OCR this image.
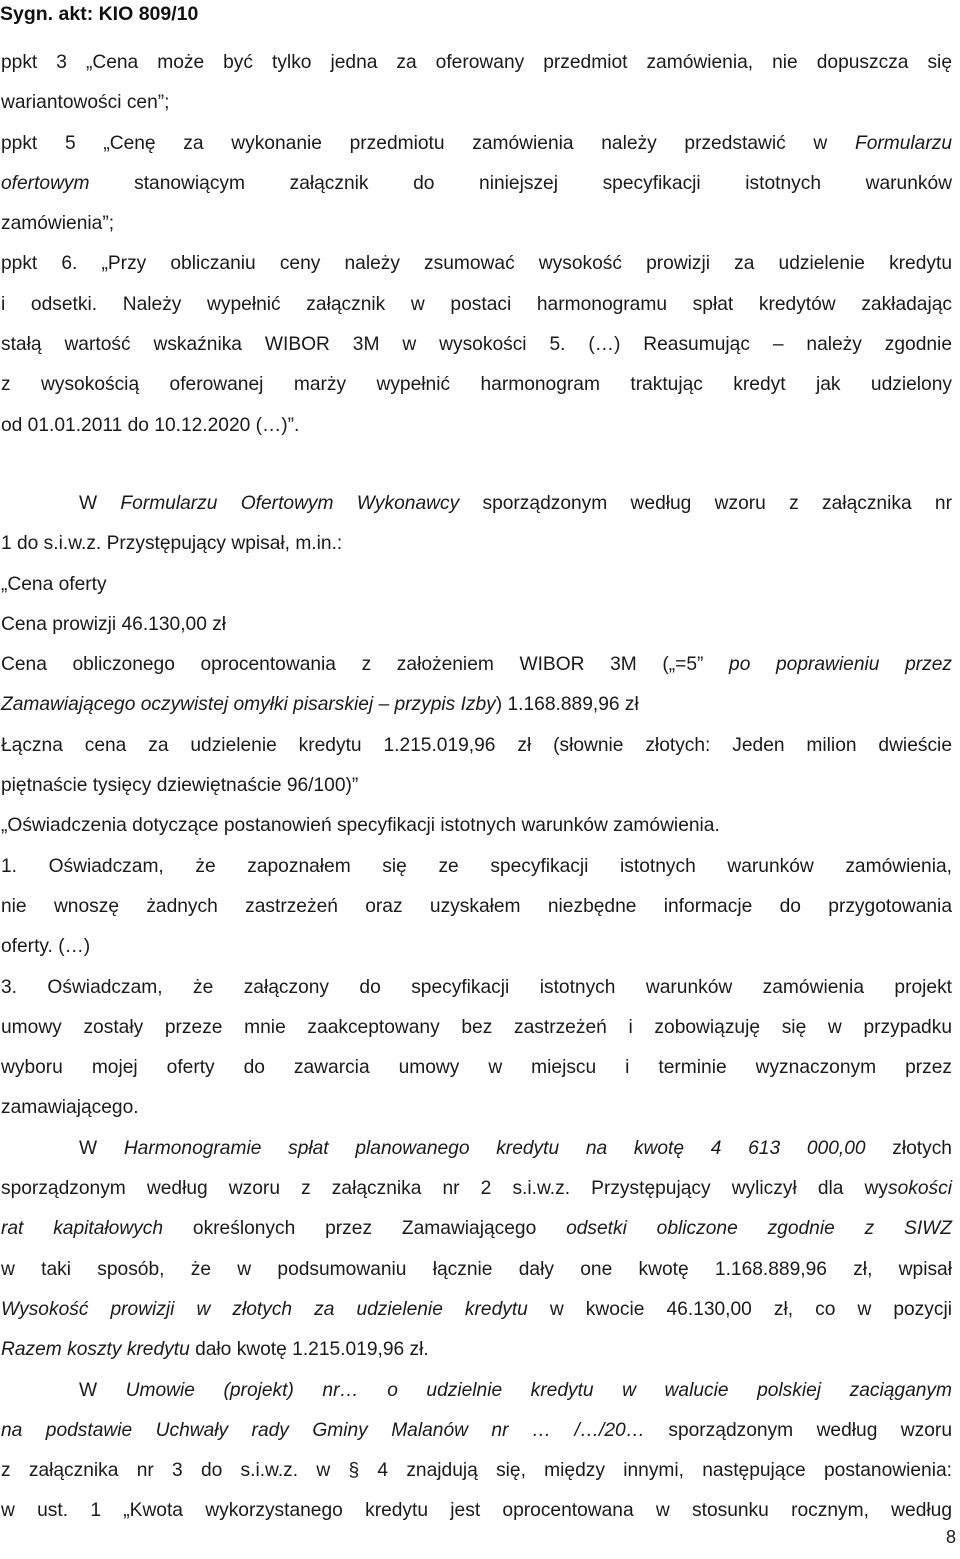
Sygn. akt: KIO 809/10
ppkt 3 „Cena może być tylko jedna za oferowany przedmiot zamówienia, nie dopuszcza się
wariantowości cen”;
ppkt 5 „Cenę za wykonanie przedmiotu zamówienia należy przedstawić w Formularzu
ofertowym stanowiącym załącznik do niniejszej specyfikacji istotnych warunków
zamówienia”;
ppkt 6. „Przy obliczaniu ceny należy zsumować wysokość prowizji za udzielenie kredytu
i odsetki. Należy wypełnić załącznik w postaci harmonogramu spłat kredytów zakładając
stałą wartość wskaźnika WIBOR 3M w wysokości 5. (…) Reasumując – należy zgodnie
z wysokością oferowanej marży wypełnić harmonogram traktując kredyt jak udzielony
od 01.01.2011 do 10.12.2020 (…)”.
W Formularzu Ofertowym Wykonawcy sporządzonym według wzoru z załącznika nr
1 do s.i.w.z. Przystępujący wpisał, m.in.:
„Cena oferty
Cena prowizji 46.130,00 zł
Cena obliczonego oprocentowania z założeniem WIBOR 3M („=5” po poprawieniu przez
Zamawiającego oczywistej omyłki pisarskiej – przypis Izby) 1.168.889,96 zł
Łączna cena za udzielenie kredytu 1.215.019,96 zł (słownie złotych: Jeden milion dwieście
piętnaście tysięcy dziewiętnaście 96/100)”
„Oświadczenia dotyczące postanowień specyfikacji istotnych warunków zamówienia.
1. Oświadczam, że zapoznałem się ze specyfikacji istotnych warunków zamówienia,
nie wnoszę żadnych zastrzeżeń oraz uzyskałem niezbędne informacje do przygotowania
oferty. (…)
3. Oświadczam, że załączony do specyfikacji istotnych warunków zamówienia projekt
umowy zostały przeze mnie zaakceptowany bez zastrzeżeń i zobowiązuję się w przypadku
wyboru mojej oferty do zawarcia umowy w miejscu i terminie wyznaczonym przez
zamawiającego.
W Harmonogramie spłat planowanego kredytu na kwotę 4 613 000,00 złotych
sporządzonym według wzoru z załącznika nr 2 s.i.w.z. Przystępujący wyliczył dla wysokości
rat kapitałowych określonych przez Zamawiającego odsetki obliczone zgodnie z SIWZ
w taki sposób, że w podsumowaniu łącznie dały one kwotę 1.168.889,96 zł, wpisał
Wysokość prowizji w złotych za udzielenie kredytu w kwocie 46.130,00 zł, co w pozycji
Razem koszty kredytu dało kwotę 1.215.019,96 zł.
W Umowie (projekt) nr… o udzielnie kredytu w walucie polskiej zaciąganym
na podstawie Uchwały rady Gminy Malanów nr … /…/20… sporządzonym według wzoru
z załącznika nr 3 do s.i.w.z. w § 4 znajdują się, między innymi, następujące postanowienia:
w ust. 1 „Kwota wykorzystanego kredytu jest oprocentowana w stosunku rocznym, według
8
